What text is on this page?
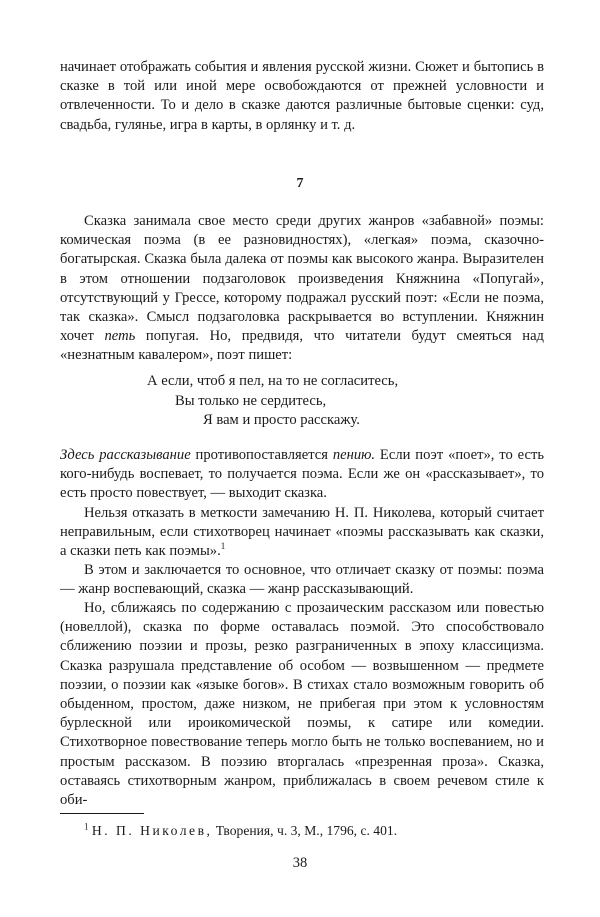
начинает отображать события и явления русской жизни. Сюжет и бытопись в сказке в той или иной мере освобождаются от прежней условности и отвлеченности. То и дело в сказке даются различные бытовые сценки: суд, свадьба, гулянье, игра в карты, в орлянку и т. д.

7

Сказка занимала свое место среди других жанров «забавной» поэмы: комическая поэма (в ее разновидностях), «легкая» поэма, сказочно-богатырская. Сказка была далека от поэмы как высокого жанра. Выразителен в этом отношении подзаголовок произведения Княжнина «Попугай», отсутствующий у Грессе, которому подражал русский поэт: «Если не поэма, так сказка». Смысл подзаголовка раскрывается во вступлении. Княжнин хочет петь попугая. Но, предвидя, что читатели будут смеяться над «незнатным кавалером», поэт пишет:

А если, чтоб я пел, на то не согласитесь,
Вы только не сердитесь,
Я вам и просто расскажу.

Здесь рассказывание противопоставляется пению. Если поэт «поет», то есть кого-нибудь воспевает, то получается поэма. Если же он «рассказывает», то есть просто повествует, — выходит сказка.

Нельзя отказать в меткости замечанию Н. П. Николева, который считает неправильным, если стихотворец начинает «поэмы рассказывать как сказки, а сказки петь как поэмы».$^1$

В этом и заключается то основное, что отличает сказку от поэмы: поэма — жанр воспевающий, сказка — жанр рассказывающий.

Но, сближаясь по содержанию с прозаическим рассказом или повестью (новеллой), сказка по форме оставалась поэмой. Это способствовало сближению поэзии и прозы, резко разграниченных в эпоху классицизма. Сказка разрушала представление об особом — возвышенном — предмете поэзии, о поэзии как «языке богов». В стихах стало возможным говорить об обыденном, простом, даже низком, не прибегая при этом к условностям бурлескной или ироикомической поэмы, к сатире или комедии. Стихотворное повествование теперь могло быть не только воспеванием, но и простым рассказом. В поэзию вторгалась «презренная проза». Сказка, оставаясь стихотворным жанром, приближалась в своем речевом стиле к оби-

$^1$ Н. П. Николев, Творения, ч. 3, М., 1796, с. 401.
38
